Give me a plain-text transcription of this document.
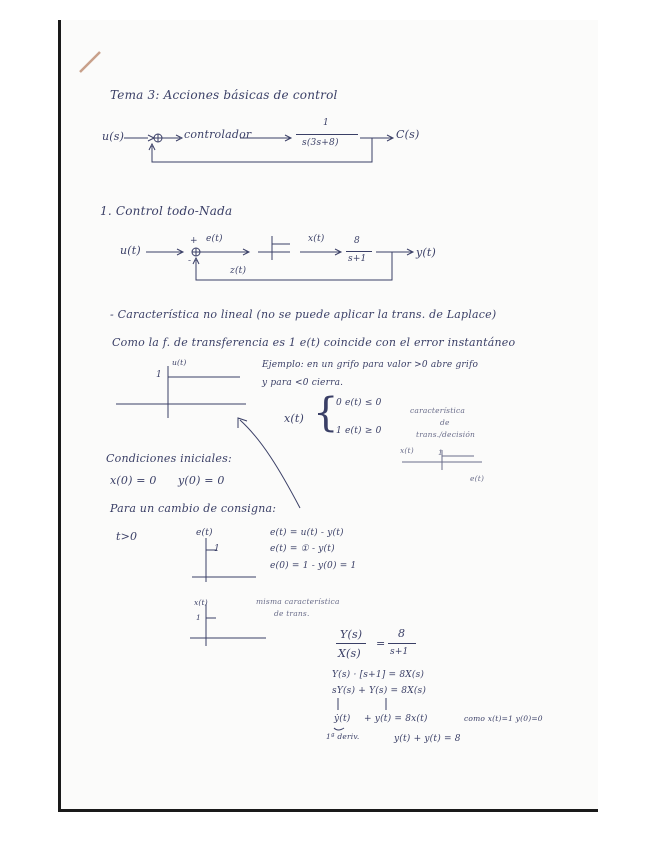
Tema 3: Acciones básicas de control
u(s)	controlador
1
s(3s+8)
C(s)
1. Control todo-Nada
u(t)
+
-
e(t)	x(t)	8
s+1	y(t)
z(t)
- Característica no lineal (no se puede aplicar la trans. de Laplace)
Como la f. de transferencia es 1 e(t) coincide con el error instantáneo
u(t)
1
Ejemplo: en un grifo para valor >0 abre grifo
y para <0 cierra.
x(t) {
0 e(t) ≤ 0
1 e(t) ≥ 0
característica
de
trans./decisión
x(t)	1
e(t)
Condiciones iniciales:
x(0) = 0 y(0) = 0
Para un cambio de consigna:
t>0	e(t)
1
e(t) = u(t) - y(t)
e(t) = ① - y(t)
e(0) = 1 - y(0) = 1
x(t)
1
misma característica
de trans.
Y(s)
X(s)
=
8
s+1
Y(s) · [s+1] = 8X(s)
sY(s) + Y(s) = 8X(s)
ẏ(t) + y(t) = 8x(t)	como x(t)=1 y(0)=0
1ª deriv.	y(t) + y(t) = 8
